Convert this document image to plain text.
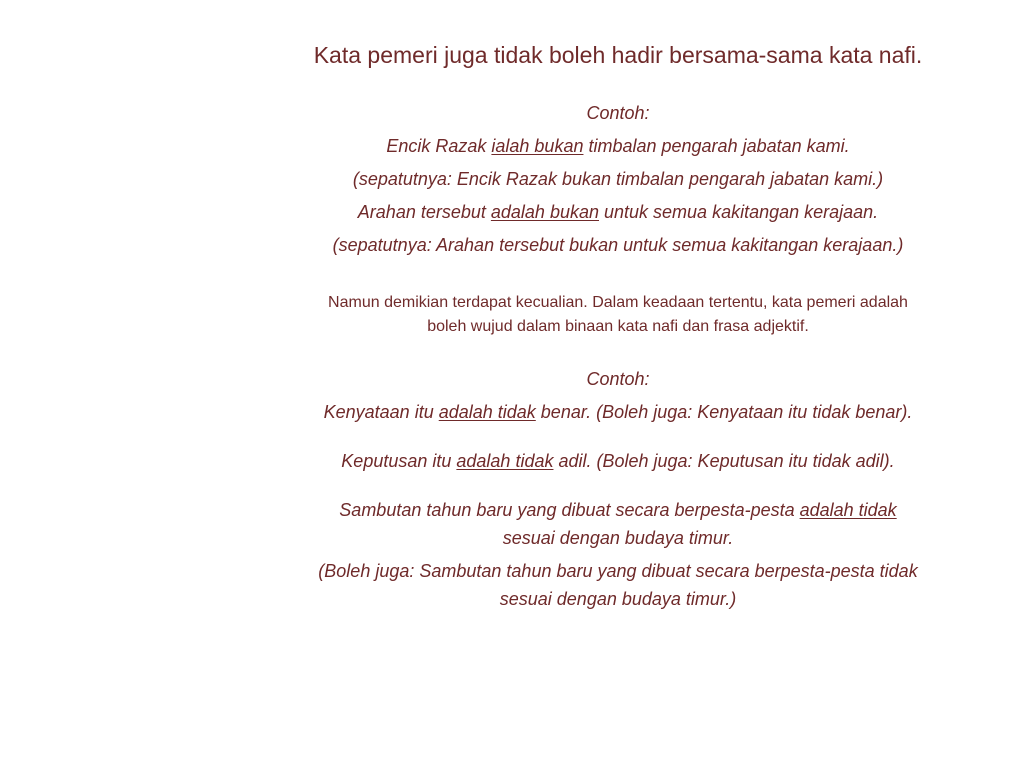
Kata pemeri juga tidak boleh hadir bersama-sama kata nafi.
Contoh:
Encik Razak ialah bukan timbalan pengarah jabatan kami.
(sepatutnya: Encik Razak bukan timbalan pengarah jabatan kami.)
Arahan tersebut adalah bukan untuk semua kakitangan kerajaan.
(sepatutnya: Arahan tersebut bukan untuk semua kakitangan kerajaan.)
Namun demikian terdapat kecualian. Dalam keadaan tertentu, kata pemeri adalah
boleh wujud dalam binaan kata nafi dan frasa adjektif.
Contoh:
Kenyataan itu adalah tidak benar. (Boleh juga: Kenyataan itu tidak benar).
Keputusan itu adalah tidak adil. (Boleh juga: Keputusan itu tidak adil).
Sambutan tahun baru yang dibuat secara berpesta-pesta adalah tidak
sesuai dengan budaya timur.
(Boleh juga: Sambutan tahun baru yang dibuat secara berpesta-pesta tidak
sesuai dengan budaya timur.)
